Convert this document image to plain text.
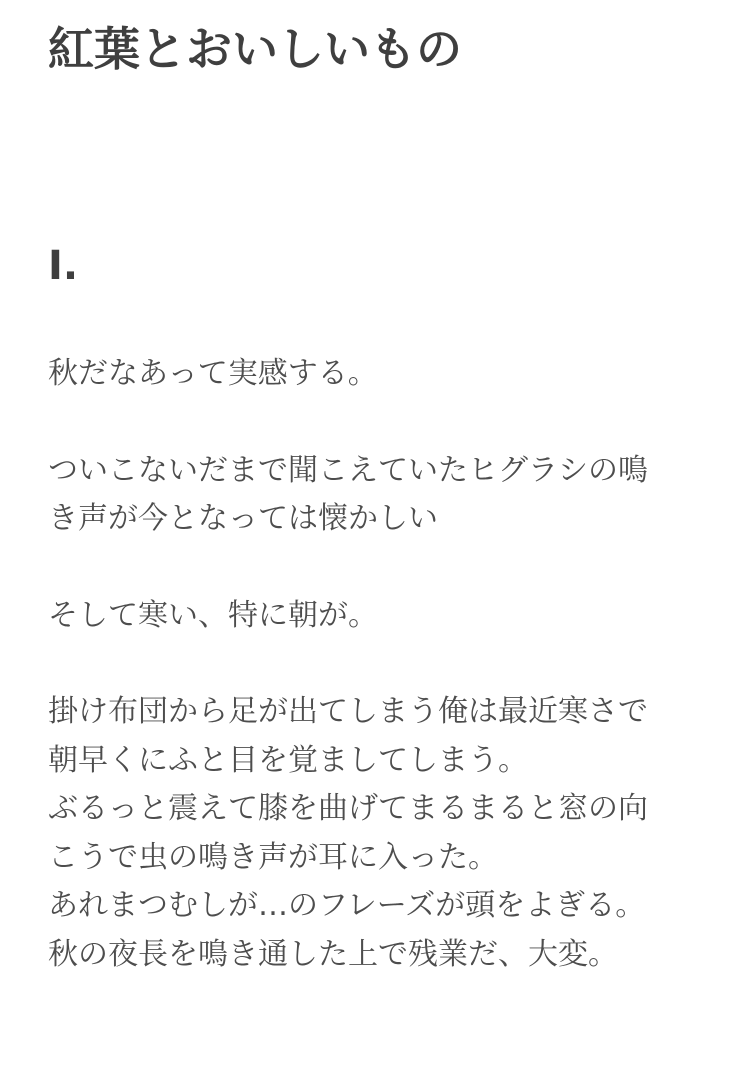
紅葉とおいしいもの
I.

秋だなあって実感する。

ついこないだまで聞こえていたヒグラシの鳴
き声が今となっては懐かしい

そして寒い、特に朝が。

掛け布団から足が出てしまう俺は最近寒さで
朝早くにふと目を覚ましてしまう。
ぶるっと震えて膝を曲げてまるまると窓の向
こうで虫の鳴き声が耳に入った。
あれまつむしが…のフレーズが頭をよぎる。
秋の夜長を鳴き通した上で残業だ、大変。
